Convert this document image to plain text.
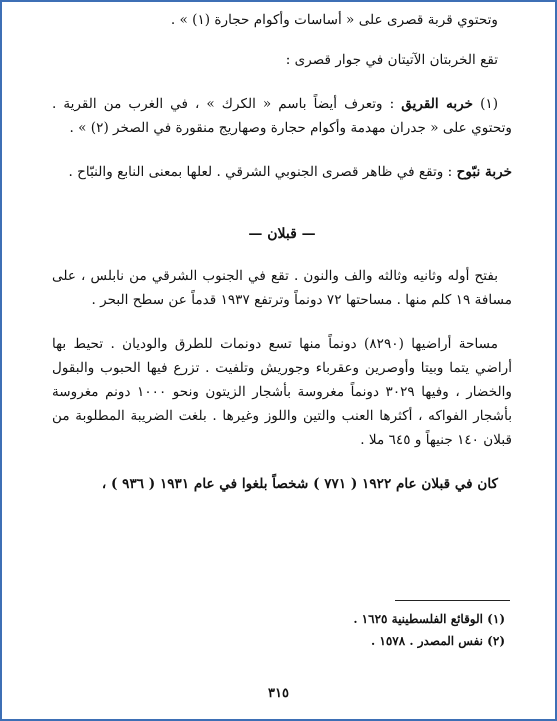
وتحتوي قربة قصرى على « أساسات وأكوام حجارة (١) » .

تقع الخربتان الآتيتان في جوار قصرى :

(١) خربه القريق : وتعرف أيضاً باسم « الكرك » ، في الغرب من القرية . وتحتوي على « جدران مهدمة وأكوام حجارة وصهاريج منقورة في الصخر (٢) » .

خربة نبّوح : وتقع في ظاهر قصرى الجنوبي الشرقي . لعلها بمعنى النابع والنبّاح .

— قبلان —

بفتح أوله وثانيه وثالثه والف والنون . تقع في الجنوب الشرقي من نابلس ، على مسافة ١٩ كلم منها . مساحتها ٧٢ دونماً وترتفع ١٩٣٧ قدماً عن سطح البحر .

مساحة أراضيها (٨٢٩٠) دونماً منها تسع دونمات للطرق والوديان . تحيط بها أراضي يتما وبيتا وأوصرين وعقرباء وجوريش وتلفيت . تزرع فيها الحبوب والبقول والخضار ، وفيها ٣٠٢٩ دونماً مغروسة بأشجار الزيتون ونحو ١٠٠٠ دونم مغروسة بأشجار الفواكه ، أكثرها العنب والتين واللوز وغيرها . بلغت الضريبة المطلوبة من قبلان ١٤٠ جنيهاً و ٦٤٥ ملا .

كان في قبلان عام ١٩٢٢ ( ٧٧١ ) شخصاً بلغوا في عام ١٩٣١ ( ٩٣٦ ) ،

(١) الوقائع الفلسطينية ١٦٢٥ .
(٢) نفس المصدر . ١٥٧٨ .
٣١٥
